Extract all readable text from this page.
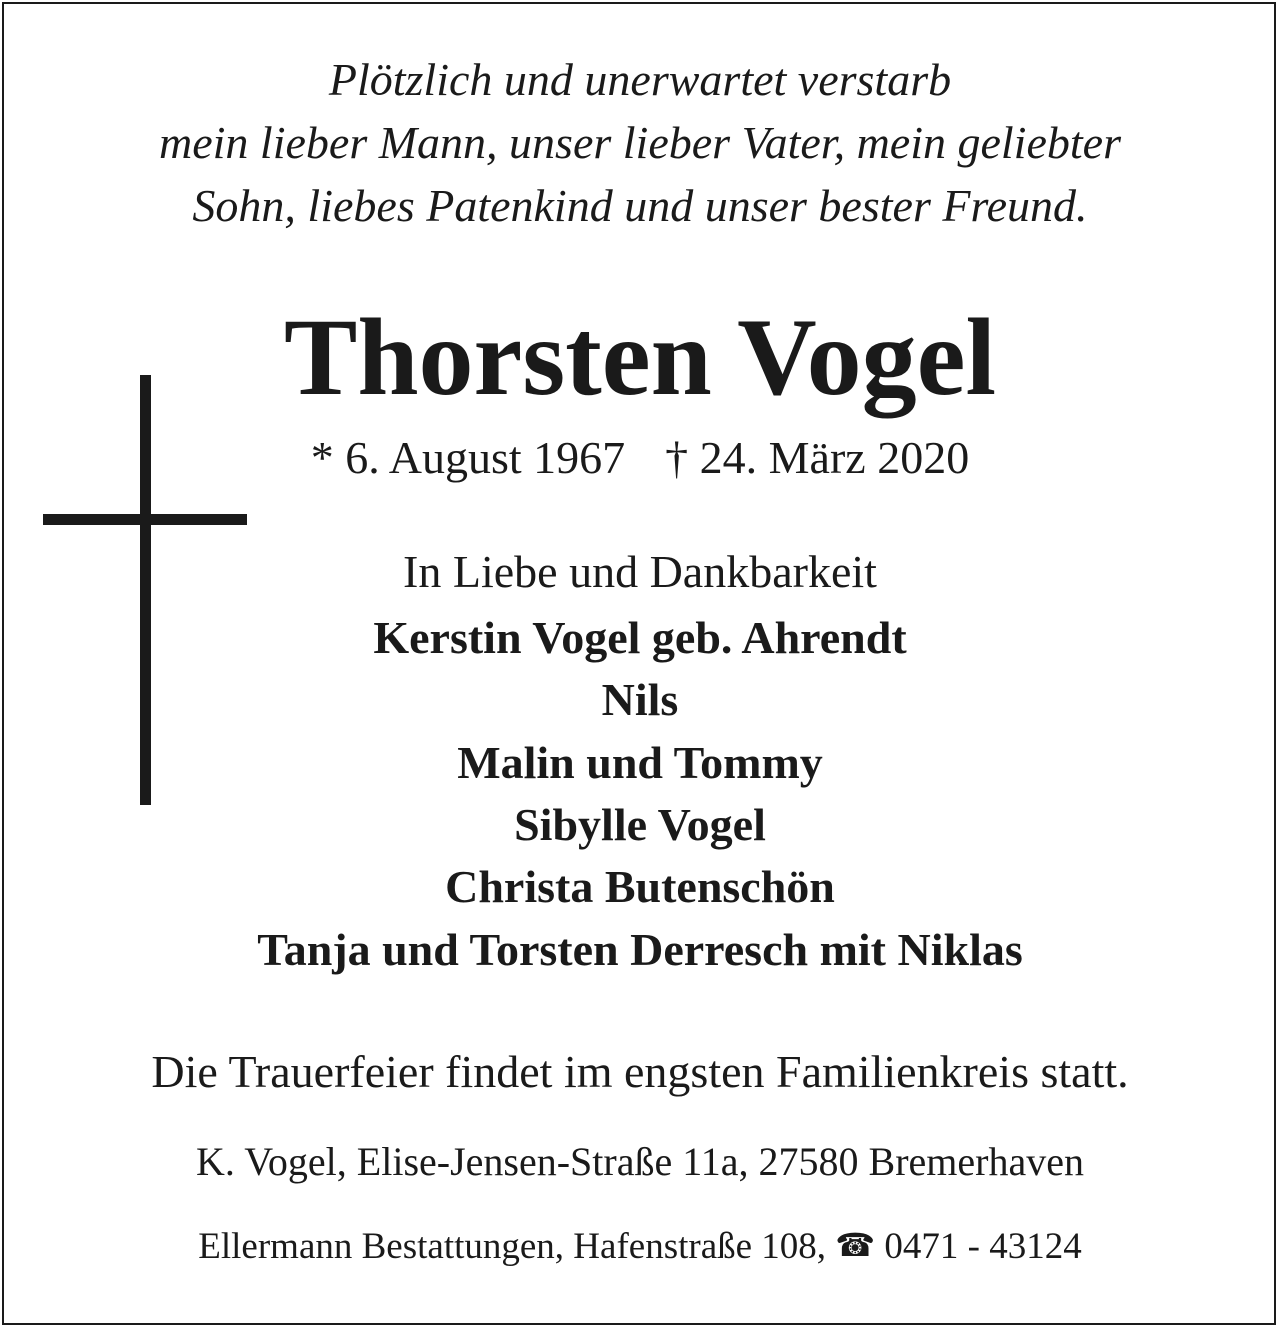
Plötzlich und unerwartet verstarb
mein lieber Mann, unser lieber Vater, mein geliebter
Sohn, liebes Patenkind und unser bester Freund.
Thorsten Vogel
* 6. August 1967 † 24. März 2020
In Liebe und Dankbarkeit
Kerstin Vogel geb. Ahrendt
Nils
Malin und Tommy
Sibylle Vogel
Christa Butenschön
Tanja und Torsten Derresch mit Niklas
Die Trauerfeier findet im engsten Familienkreis statt.
K. Vogel, Elise-Jensen-Straße 11a, 27580 Bremerhaven
Ellermann Bestattungen, Hafenstraße 108, ☎ 0471 - 43124
